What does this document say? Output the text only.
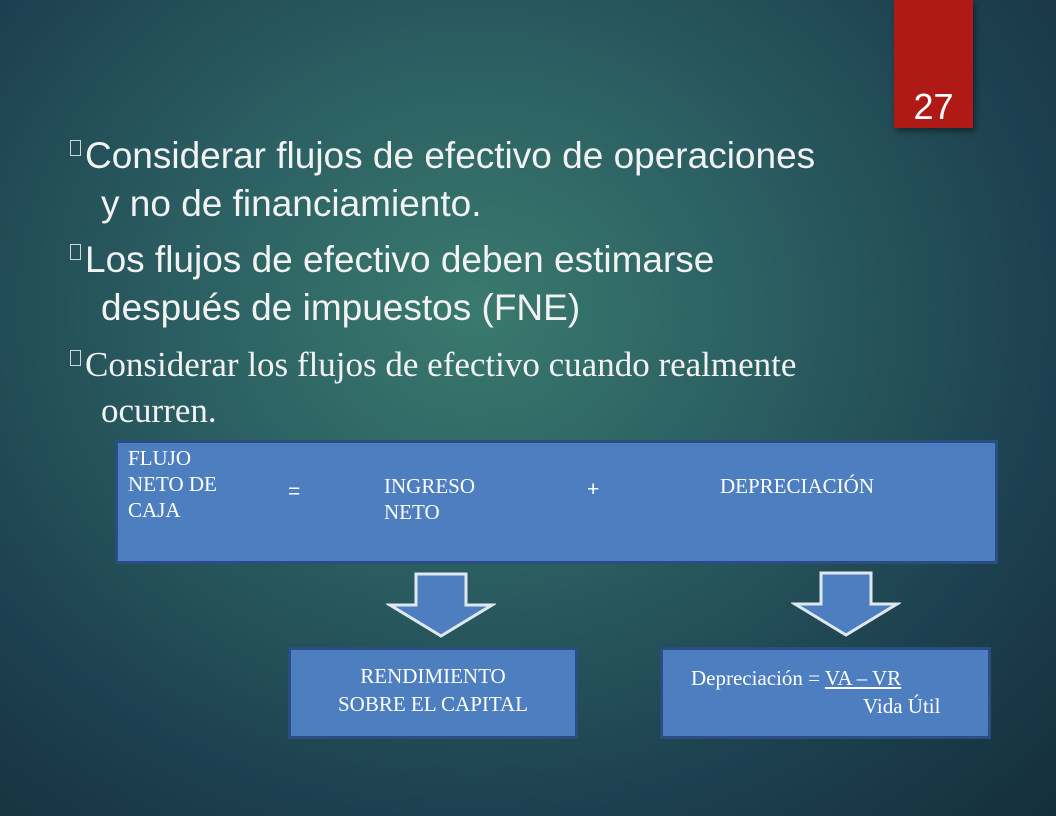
27
Considerar flujos de efectivo de operaciones
y no de financiamiento.
Los flujos de efectivo deben estimarse
después de impuestos (FNE)
Considerar los flujos de efectivo cuando realmente
ocurren.
FLUJO
NETO DE
CAJA
=	INGRESO
NETO
+	DEPRECIACIÓN
RENDIMIENTO
SOBRE EL CAPITAL
Depreciación = VA – VR
Vida Útil
